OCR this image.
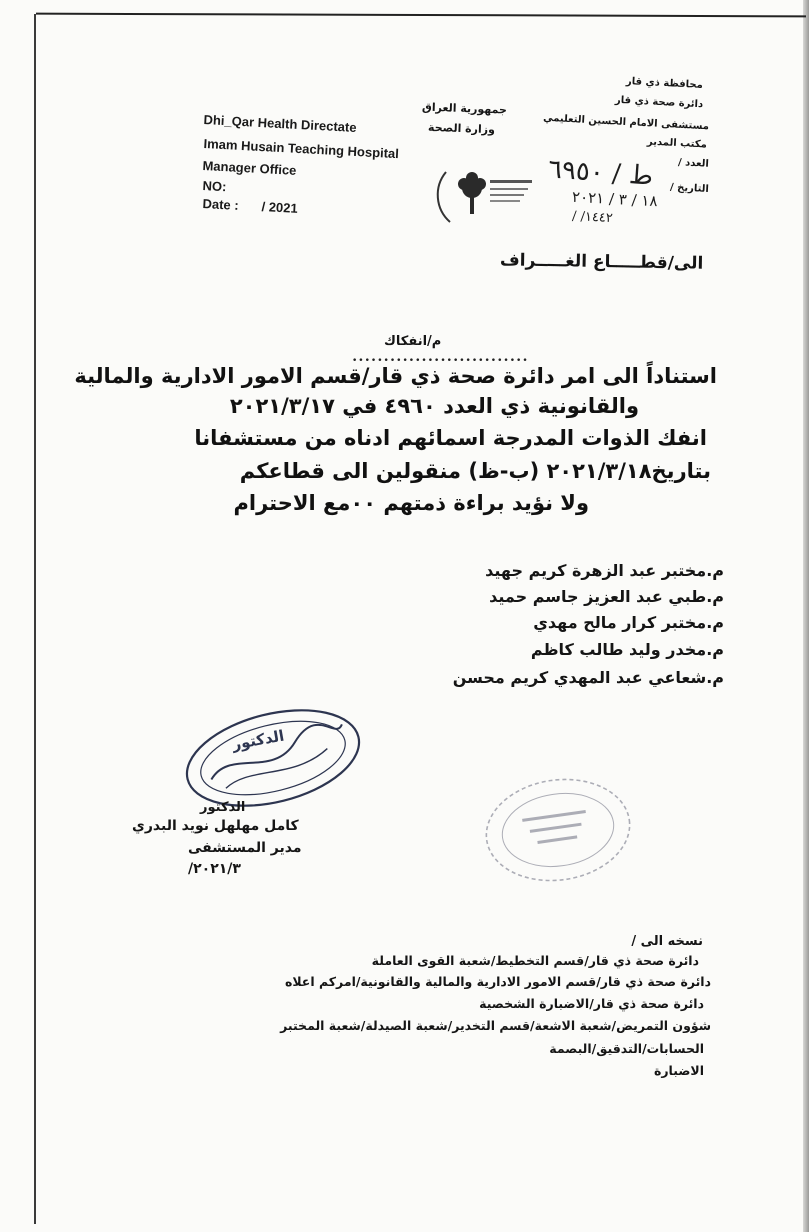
Dhi_Qar Health Directate
Imam Husain Teaching Hospital
Manager Office
NO:
Date : / 2021
جمهورية العراق
وزارة الصحة
محافظة ذي قار
دائرة صحة ذي قار
مستشفى الامام الحسين التعليمي
مكتب المدير
العدد /
ط / ٦٩٥٠ التاريخ /
١٨ / ٣ / ٢٠٢١
/ /١٤٤٢
الى/قطـــــاع الغـــــراف
م/انفكاك
••••••••••••••••••••••••••••
استناداً الى امر دائرة صحة ذي قار/قسم الامور الادارية والمالية
والقانونية ذي العدد ٤٩٦٠ في ٢٠٢١/٣/١٧
انفك الذوات المدرجة اسمائهم ادناه من مستشفانا
بتاريخ٢٠٢١/٣/١٨ (ب-ظ) منقولين الى قطاعكم
ولا نؤيد براءة ذمتهم ٠٠مع الاحترام
م.مختبر عبد الزهرة كريم جهيد
م.طبي عبد العزيز جاسم حميد
م.مختبر كرار مالح مهدي
م.مخدر وليد طالب كاظم
م.شعاعي عبد المهدي كريم محسن
الدكتور
الدكتور
كامل مهلهل نويد البدري
مدير المستشفى
٢٠٢١/٣/
نسخه الى /
دائرة صحة ذي قار/قسم التخطيط/شعبة القوى العاملة
دائرة صحة ذي قار/قسم الامور الادارية والمالية والقانونية/امركم اعلاه
دائرة صحة ذي قار/الاضبارة الشخصية
شؤون التمريض/شعبة الاشعة/قسم التخدير/شعبة الصيدلة/شعبة المختبر
الحسابات/التدقيق/البصمة
الاضبارة
